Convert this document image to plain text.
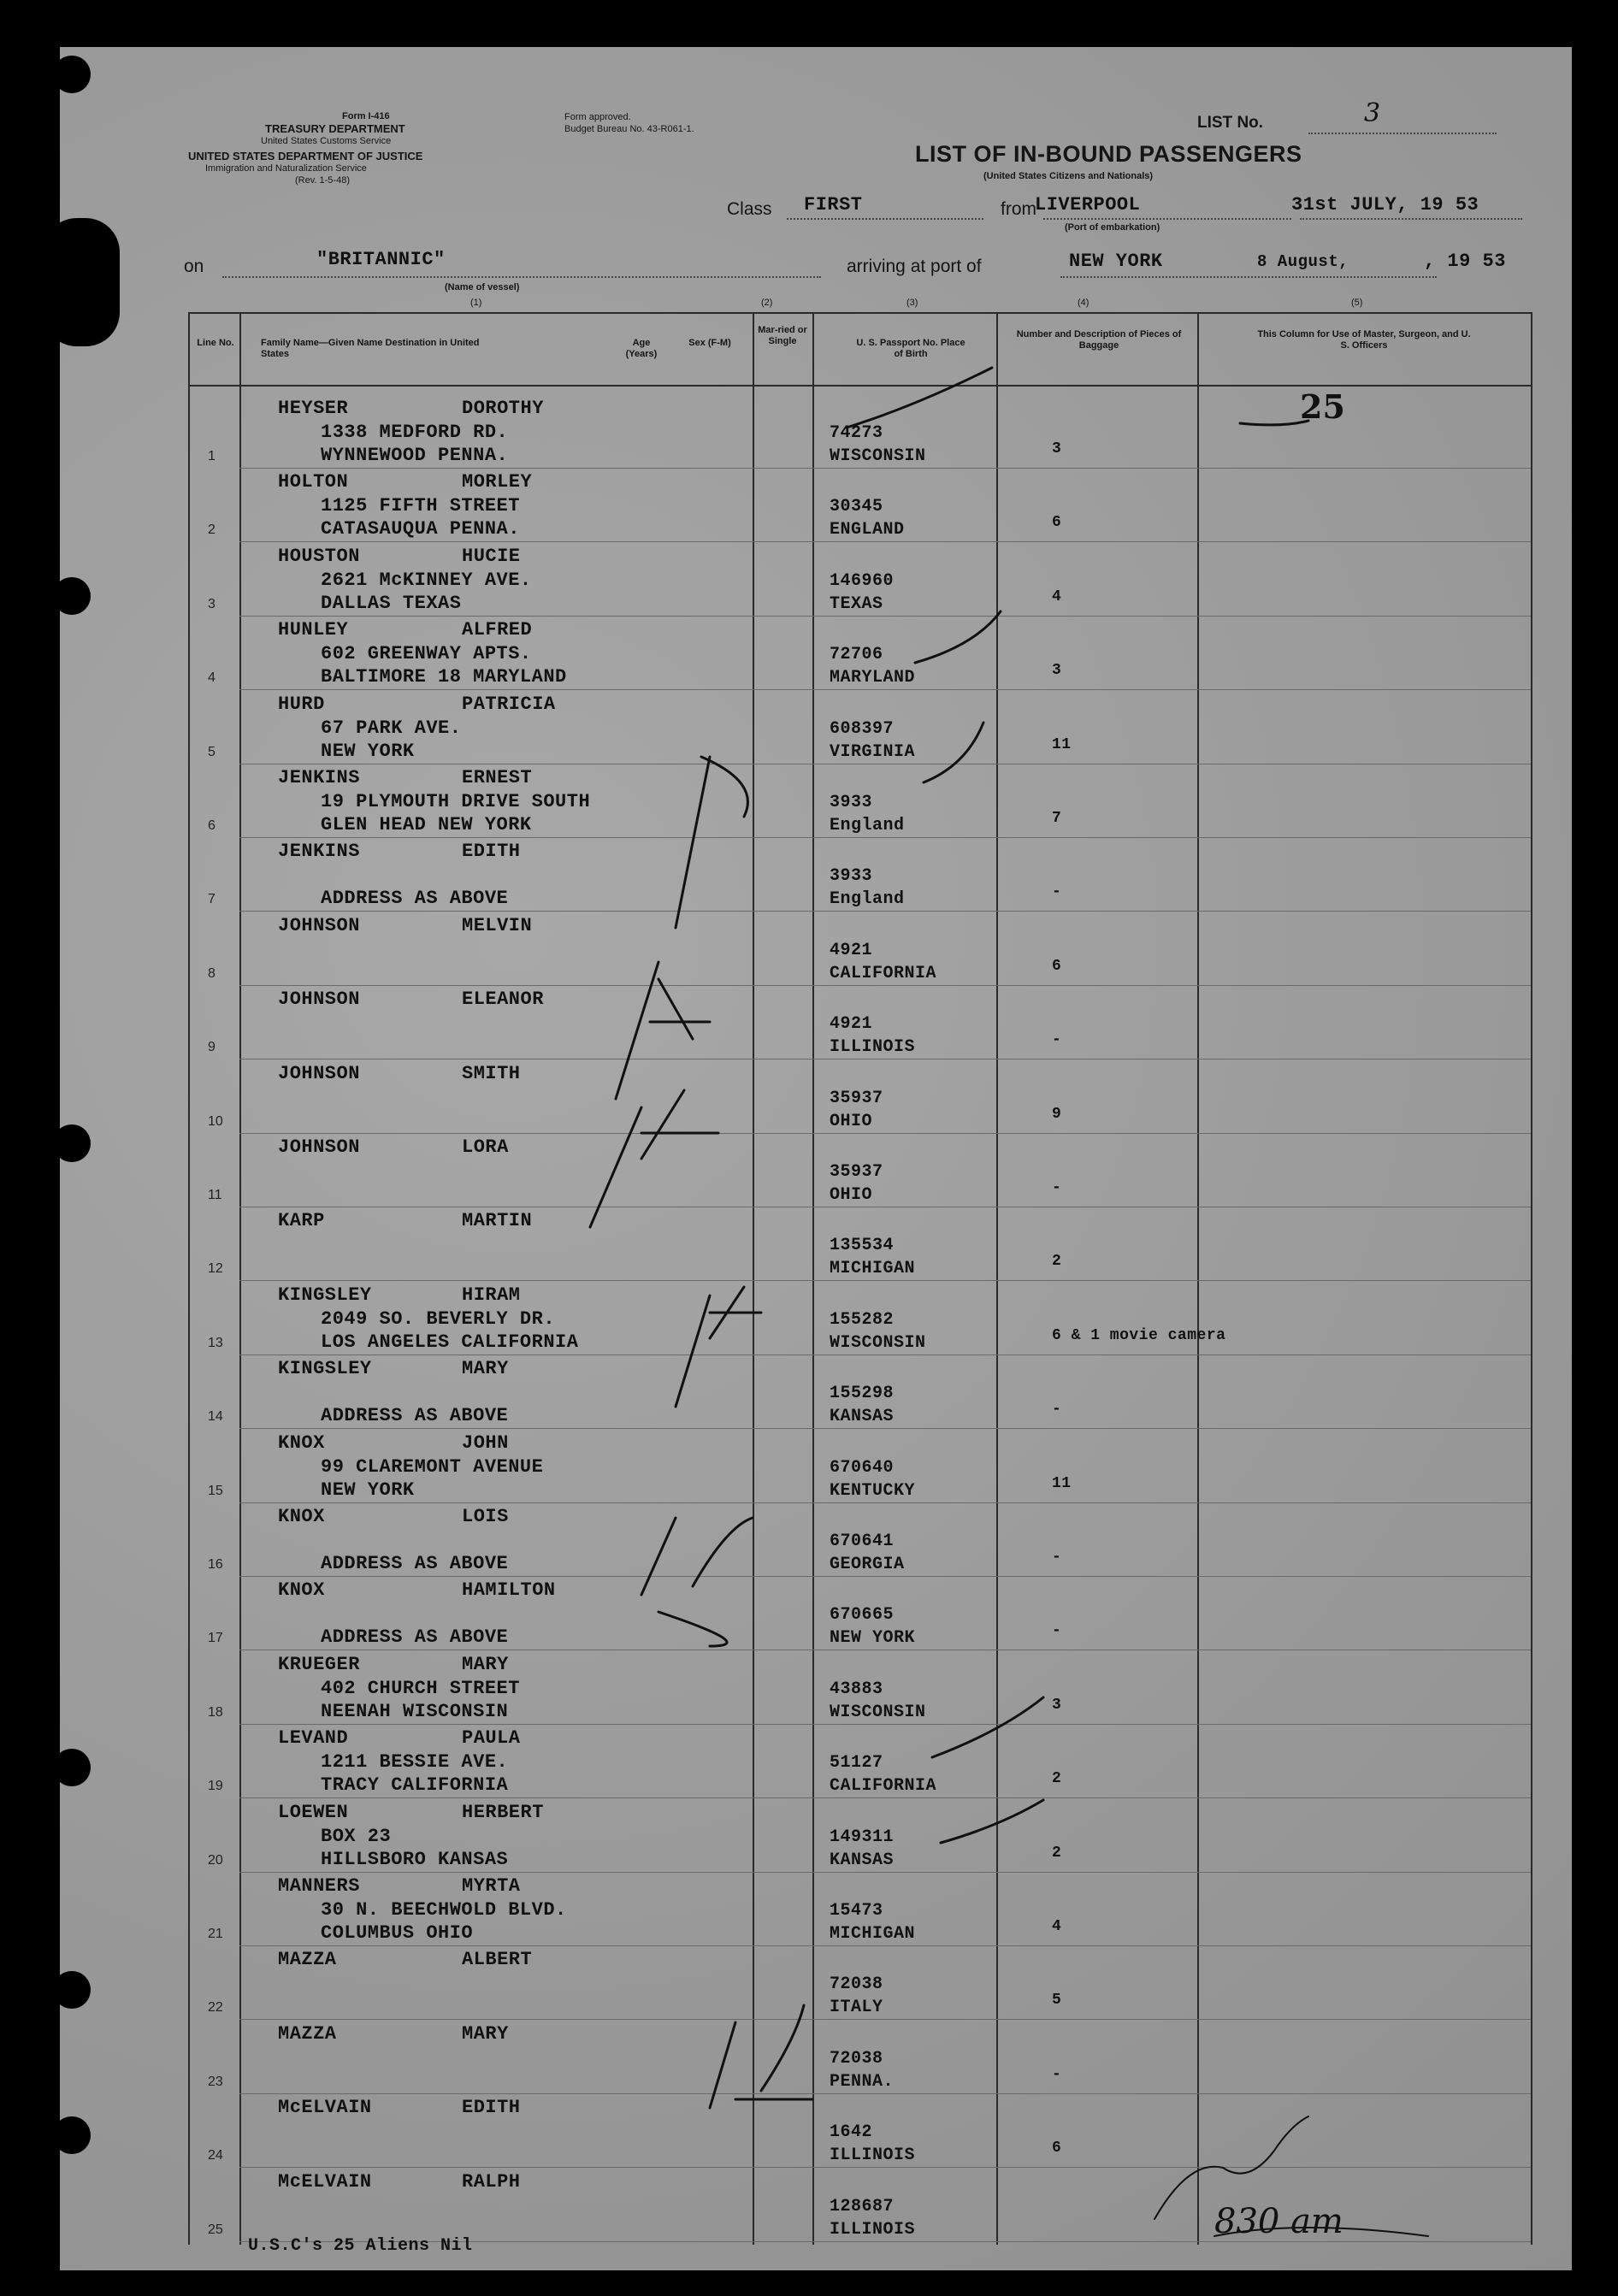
Form I-416
TREASURY DEPARTMENT
United States Customs Service
UNITED STATES DEPARTMENT OF JUSTICE
Immigration and Naturalization Service
(Rev. 1-5-48)
Form approved.
Budget Bureau No. 43-R061-1.	LIST No.	3
LIST OF IN-BOUND PASSENGERS
(United States Citizens and Nationals)
Class FIRST	from
LIVERPOOL
(Port of embarkation)
31st JULY, 19 53
on	"BRITANNIC"
(Name of vessel)
arriving at port of	NEW YORK	8 August,	, 19 53
(1)	(2)	(3)	(4)	(5)
Line No.	Family Name—Given Name Destination in United States
Age (Years)
Sex (F-M)
Mar-ried or Single	U. S. Passport No. Place of Birth
Number and Description of Pieces of Baggage
This Column for Use of Master, Surgeon, and U. S. Officers
1
HEYSER	DOROTHY
1338 MEDFORD RD.
WYNNEWOOD PENNA.
74273
WISCONSIN	3
2
HOLTON	MORLEY
1125 FIFTH STREET
CATASAUQUA PENNA.
30345
ENGLAND	6
3
HOUSTON	HUCIE
2621 McKINNEY AVE.
DALLAS TEXAS
146960
TEXAS	4
4
HUNLEY	ALFRED
602 GREENWAY APTS.
BALTIMORE 18 MARYLAND
72706
MARYLAND	3
5
HURD	PATRICIA
67 PARK AVE.
NEW YORK
608397
VIRGINIA	11
6
JENKINS	ERNEST
19 PLYMOUTH DRIVE SOUTH
GLEN HEAD NEW YORK
3933
England	7
7
JENKINS	EDITH
ADDRESS AS ABOVE
3933
England	-
8
JOHNSON	MELVIN
4921
CALIFORNIA	6
9
JOHNSON	ELEANOR
4921
ILLINOIS	-
10
JOHNSON	SMITH
35937
OHIO	9
11
JOHNSON	LORA
35937
OHIO	-
12
KARP	MARTIN
135534
MICHIGAN	2
13
KINGSLEY	HIRAM
2049 SO. BEVERLY DR.
LOS ANGELES CALIFORNIA
155282
WISCONSIN	6 & 1 movie camera
14
KINGSLEY	MARY
ADDRESS AS ABOVE
155298
KANSAS	-
15
KNOX	JOHN
99 CLAREMONT AVENUE
NEW YORK
670640
KENTUCKY	11
16
KNOX	LOIS
ADDRESS AS ABOVE
670641
GEORGIA	-
17
KNOX	HAMILTON
ADDRESS AS ABOVE
670665
NEW YORK	-
18
KRUEGER	MARY
402 CHURCH STREET
NEENAH WISCONSIN
43883
WISCONSIN	3
19
LEVAND	PAULA
1211 BESSIE AVE.
TRACY CALIFORNIA
51127
CALIFORNIA	2
20
LOEWEN	HERBERT
BOX 23
HILLSBORO KANSAS
149311
KANSAS	2
21
MANNERS	MYRTA
30 N. BEECHWOLD BLVD.
COLUMBUS OHIO
15473
MICHIGAN	4
22
MAZZA	ALBERT
72038
ITALY	5
23
MAZZA	MARY
72038
PENNA.	-
24
McELVAIN	EDITH
1642
ILLINOIS	6
25
McELVAIN	RALPH
128687
ILLINOIS
25
U.S.C's 25 Aliens Nil
830 am
